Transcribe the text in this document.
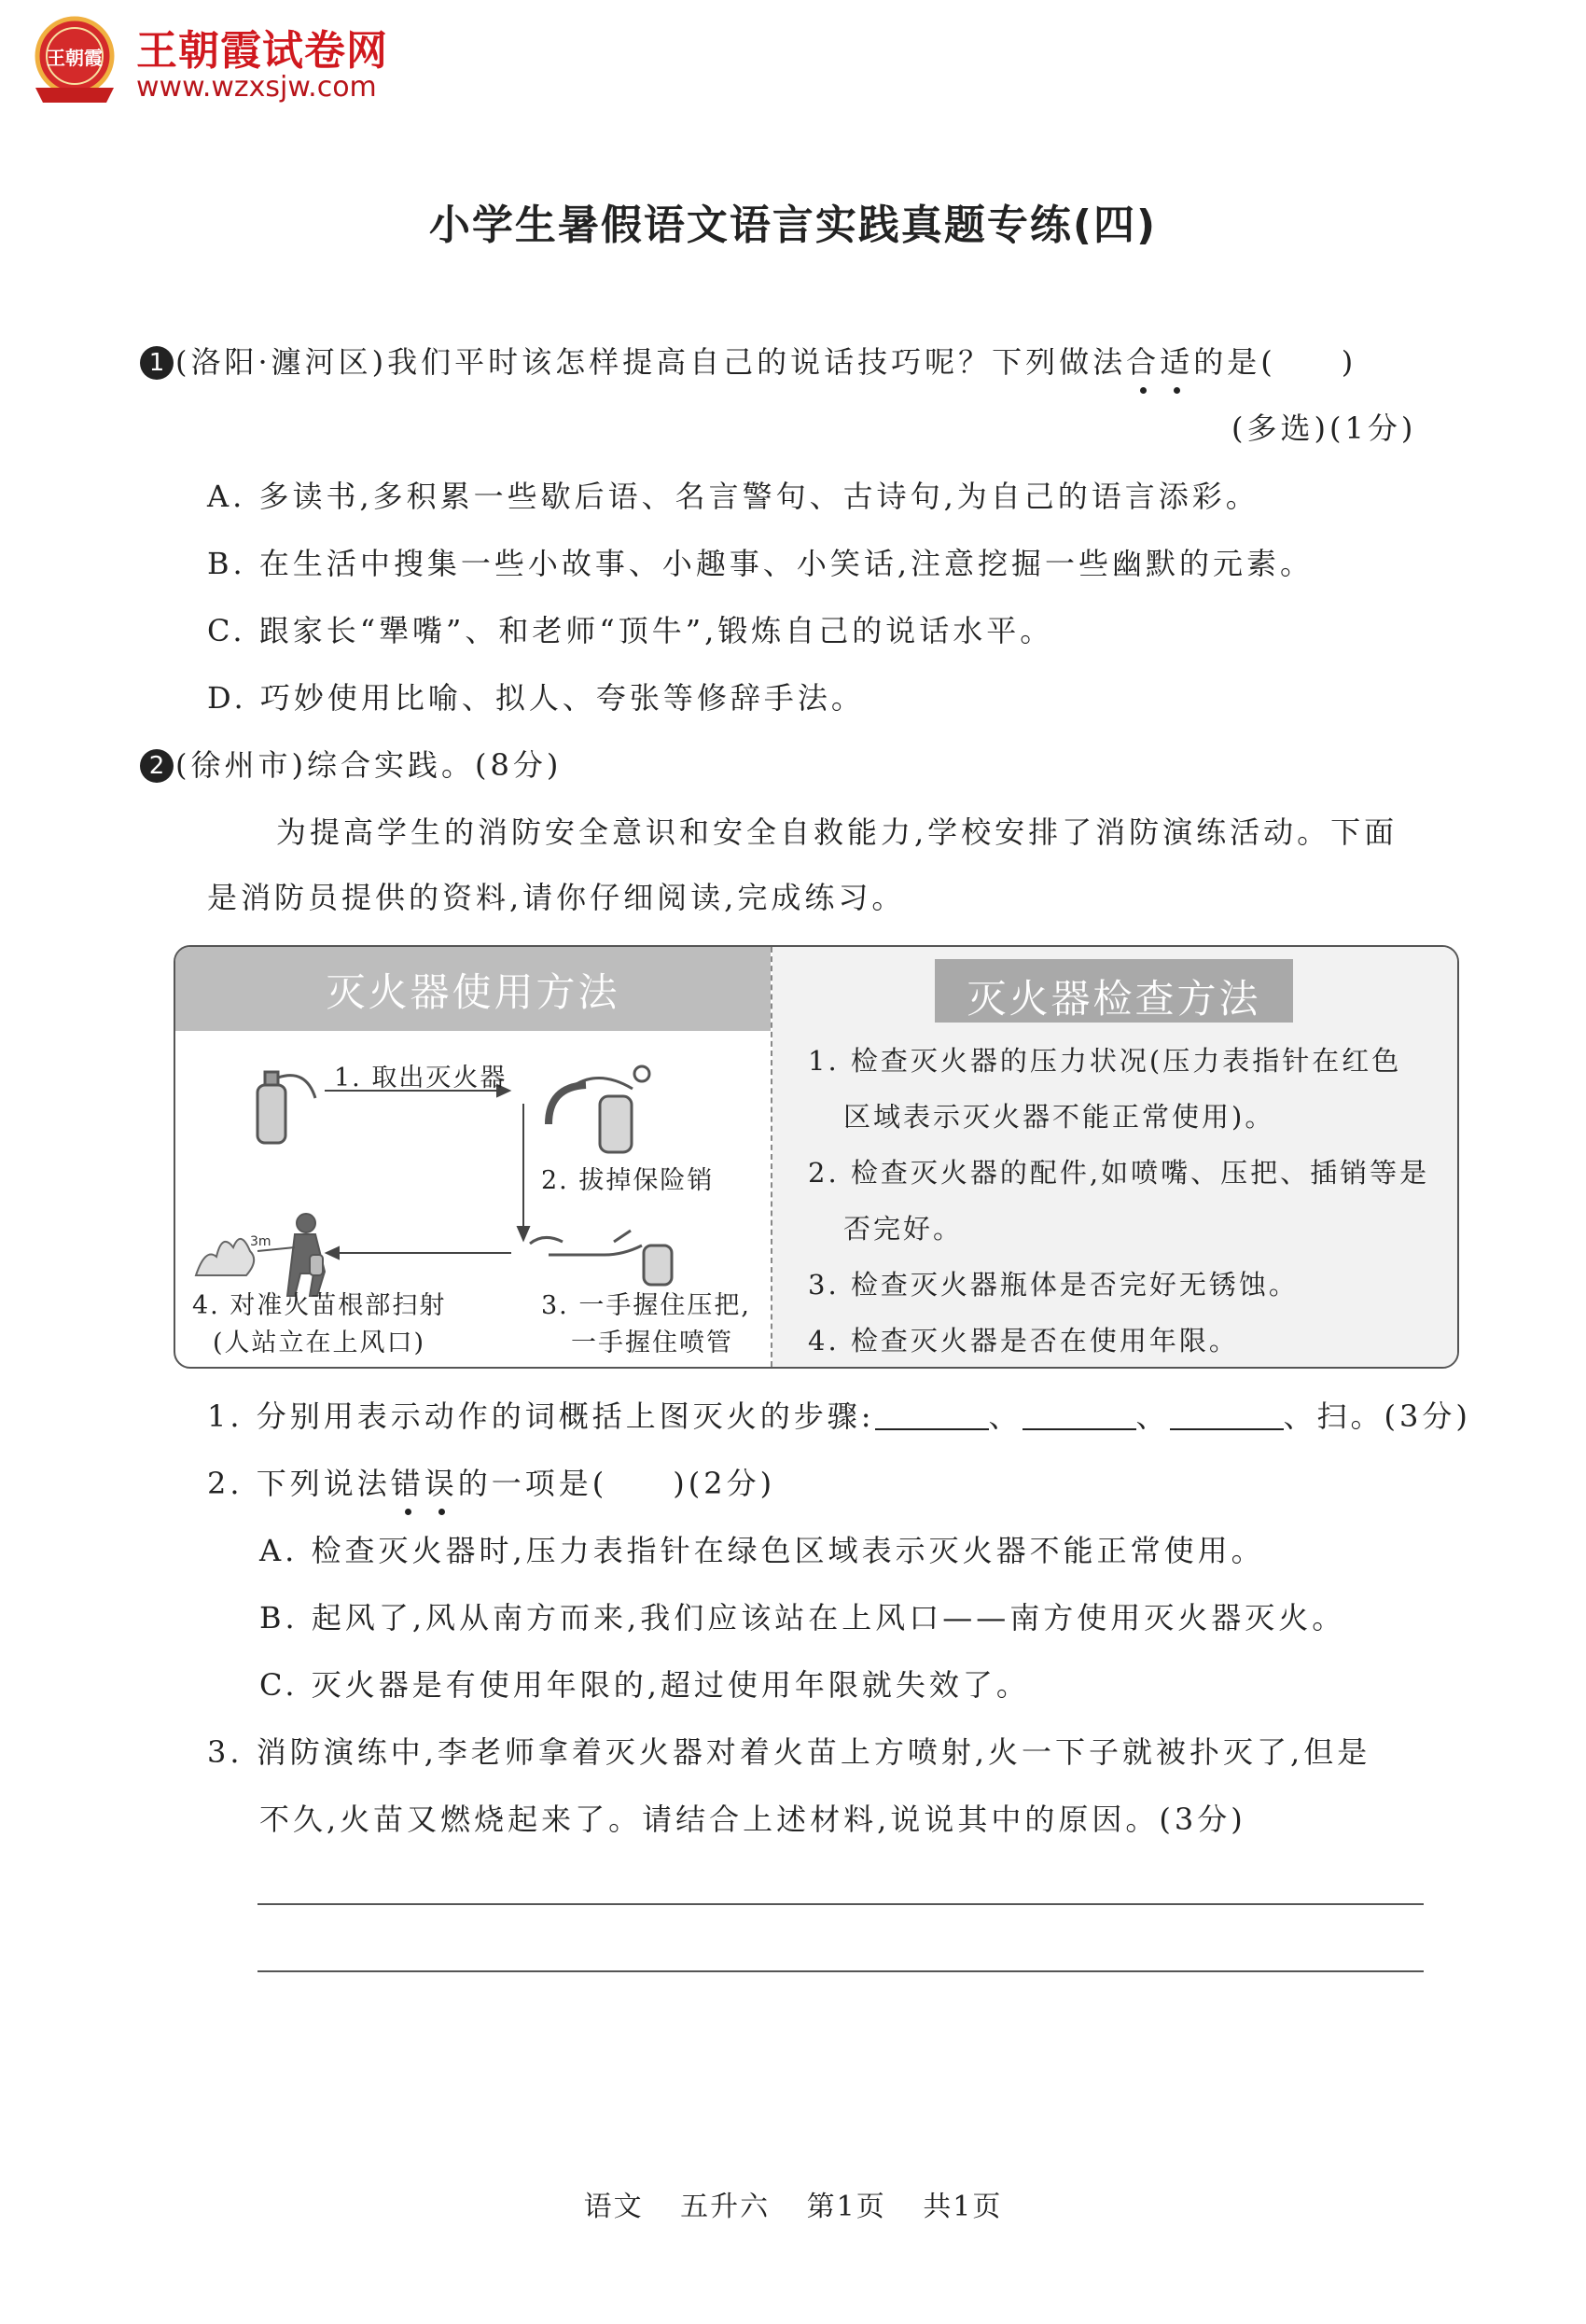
王朝霞 王朝霞试卷网
www.wzxsjw.com
小学生暑假语文语言实践真题专练(四)
1 (洛阳·瀍河区)我们平时该怎样提高自己的说话技巧呢？下列做法合适的是( )
(多选)(1分)
A. 多读书,多积累一些歇后语、名言警句、古诗句,为自己的语言添彩。
B. 在生活中搜集一些小故事、小趣事、小笑话,注意挖掘一些幽默的元素。
C. 跟家长“犟嘴”、和老师“顶牛”,锻炼自己的说话水平。
D. 巧妙使用比喻、拟人、夸张等修辞手法。
2 (徐州市)综合实践。(8分)
为提高学生的消防安全意识和安全自救能力,学校安排了消防演练活动。下面
是消防员提供的资料,请你仔细阅读,完成练习。
灭火器使用方法	灭火器检查方法
3m
1. 取出灭火器
2. 拔掉保险销
3. 一手握住压把,
一手握住喷管
4. 对准火苗根部扫射
(人站立在上风口)
1. 检查灭火器的压力状况(压力表指针在红色
区域表示灭火器不能正常使用)。
2. 检查灭火器的配件,如喷嘴、压把、插销等是
否完好。
3. 检查灭火器瓶体是否完好无锈蚀。
4. 检查灭火器是否在使用年限。
1. 分别用表示动作的词概括上图灭火的步骤:	、	、	、扫。(3分)
2. 下列说法错误的一项是( )(2分)
A. 检查灭火器时,压力表指针在绿色区域表示灭火器不能正常使用。
B. 起风了,风从南方而来,我们应该站在上风口——南方使用灭火器灭火。
C. 灭火器是有使用年限的,超过使用年限就失效了。
3. 消防演练中,李老师拿着灭火器对着火苗上方喷射,火一下子就被扑灭了,但是
不久,火苗又燃烧起来了。请结合上述材料,说说其中的原因。(3分)
语文 五升六 第1页 共1页
